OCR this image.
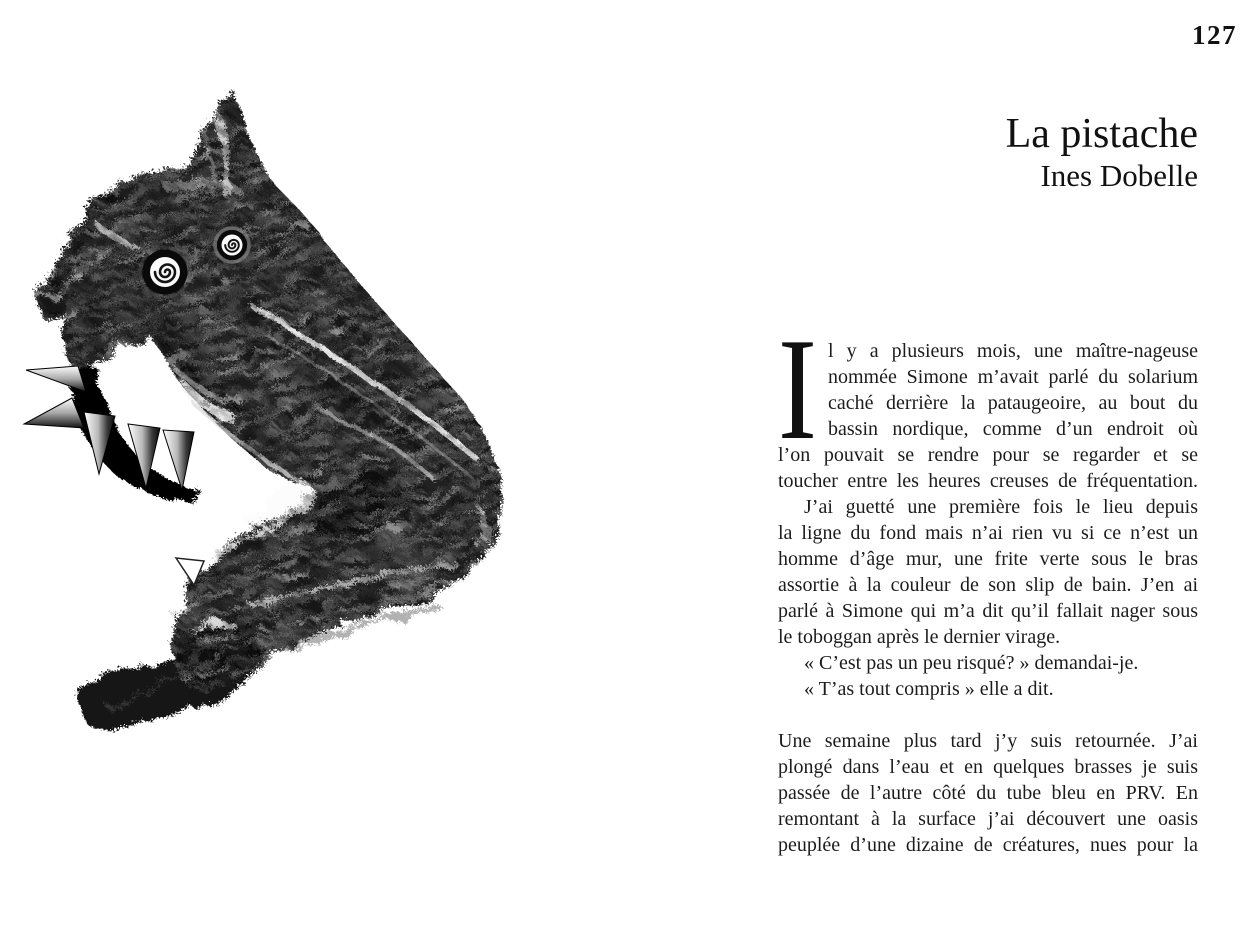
127
La pistache
Ines Dobelle
I l y a plusieurs mois, une maître-nageuse
nommée Simone m’avait parlé du solarium
caché derrière la pataugeoire, au bout du
bassin nordique, comme d’un endroit où
l’on pouvait se rendre pour se regarder et se
toucher entre les heures creuses de fréquentation.
J’ai guetté une première fois le lieu depuis
la ligne du fond mais n’ai rien vu si ce n’est un
homme d’âge mur, une frite verte sous le bras
assortie à la couleur de son slip de bain. J’en ai
parlé à Simone qui m’a dit qu’il fallait nager sous
le toboggan après le dernier virage.
« C’est pas un peu risqué? » demandai-je.
« T’as tout compris » elle a dit.
Une semaine plus tard j’y suis retournée. J’ai
plongé dans l’eau et en quelques brasses je suis
passée de l’autre côté du tube bleu en PRV. En
remontant à la surface j’ai découvert une oasis
peuplée d’une dizaine de créatures, nues pour la
